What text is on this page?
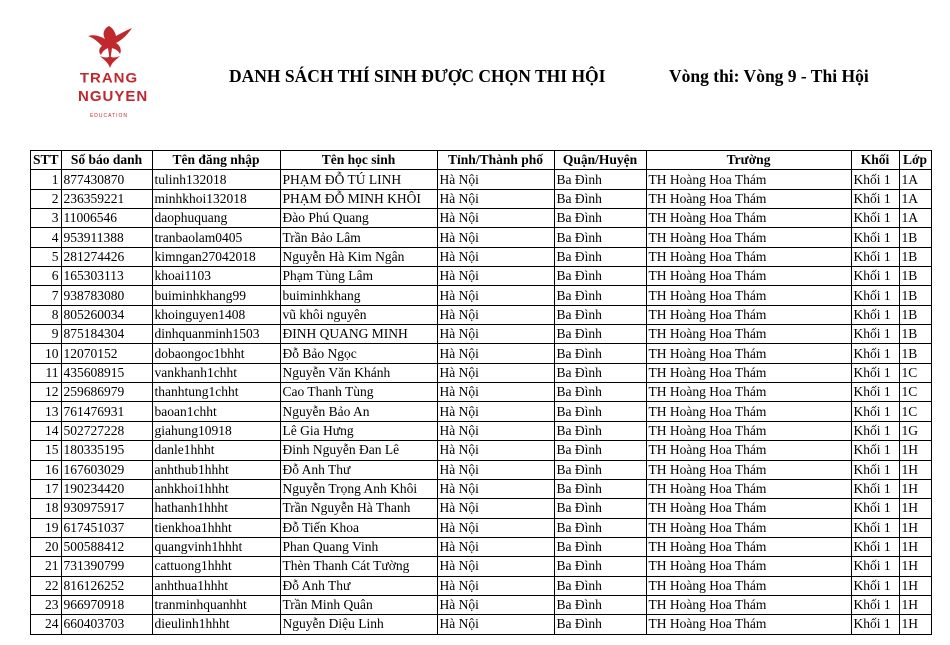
TRANG
NGUYEN
EDUCATION
DANH SÁCH THÍ SINH ĐƯỢC CHỌN THI HỘI	Vòng thi: Vòng 9 - Thi Hội
STT	Số báo danh	Tên đăng nhập	Tên học sinh	Tỉnh/Thành phố	Quận/Huyện	Trường	Khối	Lớp
1	877430870	tulinh132018	PHẠM ĐỖ TÚ LINH	Hà Nội	Ba Đình	TH Hoàng Hoa Thám	Khối 1	1A
2	236359221	minhkhoi132018	PHẠM ĐỖ MINH KHÔI	Hà Nội	Ba Đình	TH Hoàng Hoa Thám	Khối 1	1A
3	11006546	daophuquang	Đào Phú Quang	Hà Nội	Ba Đình	TH Hoàng Hoa Thám	Khối 1	1A
4	953911388	tranbaolam0405	Trần Bảo Lâm	Hà Nội	Ba Đình	TH Hoàng Hoa Thám	Khối 1	1B
5	281274426	kimngan27042018	Nguyễn Hà Kim Ngân	Hà Nội	Ba Đình	TH Hoàng Hoa Thám	Khối 1	1B
6	165303113	khoai1103	Phạm Tùng Lâm	Hà Nội	Ba Đình	TH Hoàng Hoa Thám	Khối 1	1B
7	938783080	buiminhkhang99	buiminhkhang	Hà Nội	Ba Đình	TH Hoàng Hoa Thám	Khối 1	1B
8	805260034	khoinguyen1408	vũ khôi nguyên	Hà Nội	Ba Đình	TH Hoàng Hoa Thám	Khối 1	1B
9	875184304	dinhquanminh1503	ĐINH QUANG MINH	Hà Nội	Ba Đình	TH Hoàng Hoa Thám	Khối 1	1B
10	12070152	dobaongoc1bhht	Đỗ Bảo Ngọc	Hà Nội	Ba Đình	TH Hoàng Hoa Thám	Khối 1	1B
11	435608915	vankhanh1chht	Nguyễn Văn Khánh	Hà Nội	Ba Đình	TH Hoàng Hoa Thám	Khối 1	1C
12	259686979	thanhtung1chht	Cao Thanh Tùng	Hà Nội	Ba Đình	TH Hoàng Hoa Thám	Khối 1	1C
13	761476931	baoan1chht	Nguyễn Bảo An	Hà Nội	Ba Đình	TH Hoàng Hoa Thám	Khối 1	1C
14	502727228	giahung10918	Lê Gia Hưng	Hà Nội	Ba Đình	TH Hoàng Hoa Thám	Khối 1	1G
15	180335195	danle1hhht	Đinh Nguyễn Đan Lê	Hà Nội	Ba Đình	TH Hoàng Hoa Thám	Khối 1	1H
16	167603029	anhthub1hhht	Đỗ Anh Thư	Hà Nội	Ba Đình	TH Hoàng Hoa Thám	Khối 1	1H
17	190234420	anhkhoi1hhht	Nguyễn Trọng Anh Khôi	Hà Nội	Ba Đình	TH Hoàng Hoa Thám	Khối 1	1H
18	930975917	hathanh1hhht	Trần Nguyễn Hà Thanh	Hà Nội	Ba Đình	TH Hoàng Hoa Thám	Khối 1	1H
19	617451037	tienkhoa1hhht	Đỗ Tiến Khoa	Hà Nội	Ba Đình	TH Hoàng Hoa Thám	Khối 1	1H
20	500588412	quangvinh1hhht	Phan Quang Vinh	Hà Nội	Ba Đình	TH Hoàng Hoa Thám	Khối 1	1H
21	731390799	cattuong1hhht	Thèn Thanh Cát Tường	Hà Nội	Ba Đình	TH Hoàng Hoa Thám	Khối 1	1H
22	816126252	anhthua1hhht	Đỗ Anh Thư	Hà Nội	Ba Đình	TH Hoàng Hoa Thám	Khối 1	1H
23	966970918	tranminhquanhht	Trần Minh Quân	Hà Nội	Ba Đình	TH Hoàng Hoa Thám	Khối 1	1H
24	660403703	dieulinh1hhht	Nguyễn Diệu Linh	Hà Nội	Ba Đình	TH Hoàng Hoa Thám	Khối 1	1H
